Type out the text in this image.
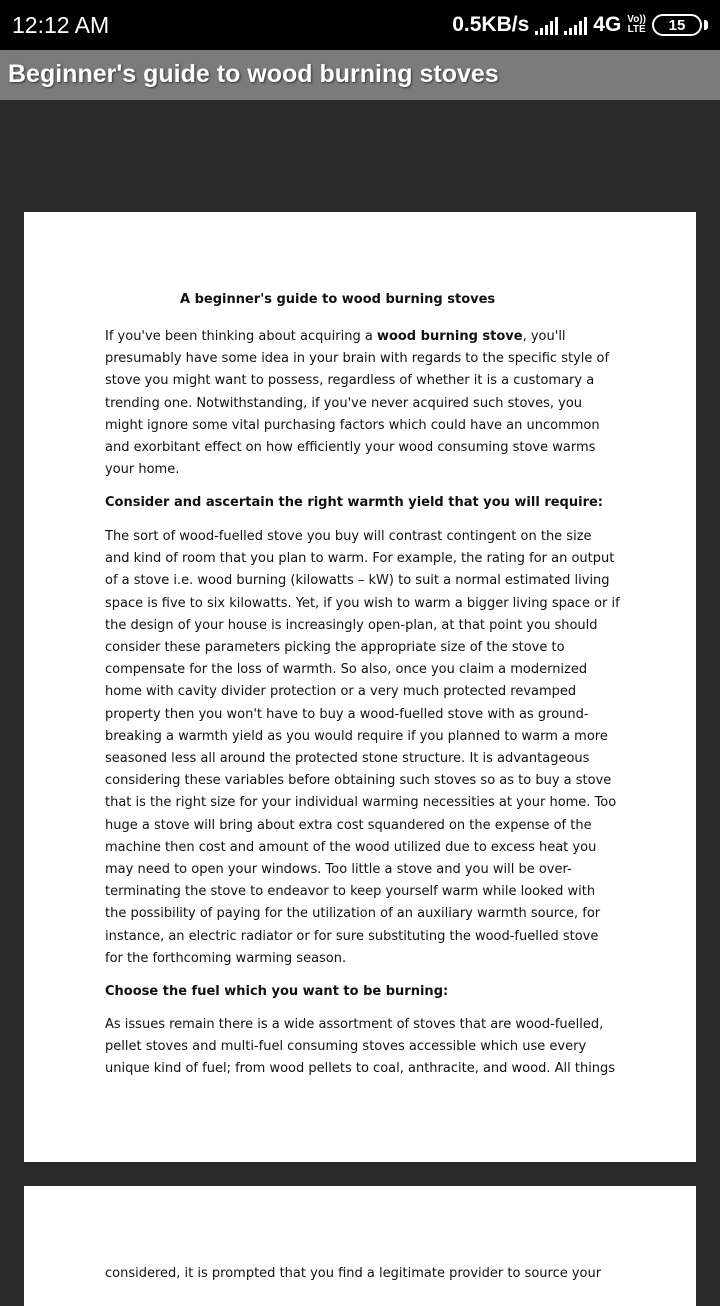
12:12 AM	0.5KB/s	4G Vo))
LTE 15
Beginner's guide to wood burning stoves
A beginner's guide to wood burning stoves

If you've been thinking about acquiring a wood burning stove, you'll presumably have some idea in your brain with regards to the specific style of stove you might want to possess, regardless of whether it is a customary a trending one. Notwithstanding, if you've never acquired such stoves, you might ignore some vital purchasing factors which could have an uncommon and exorbitant effect on how efficiently your wood consuming stove warms your home.

Consider and ascertain the right warmth yield that you will require:

The sort of wood-fuelled stove you buy will contrast contingent on the size and kind of room that you plan to warm. For example, the rating for an output of a stove i.e. wood burning (kilowatts – kW) to suit a normal estimated living space is five to six kilowatts. Yet, if you wish to warm a bigger living space or if the design of your house is increasingly open-plan, at that point you should consider these parameters picking the appropriate size of the stove to compensate for the loss of warmth. So also, once you claim a modernized home with cavity divider protection or a very much protected revamped property then you won't have to buy a wood-fuelled stove with as ground-breaking a warmth yield as you would require if you planned to warm a more seasoned less all around the protected stone structure. It is advantageous considering these variables before obtaining such stoves so as to buy a stove that is the right size for your individual warming necessities at your home. Too huge a stove will bring about extra cost squandered on the expense of the machine then cost and amount of the wood utilized due to excess heat you may need to open your windows. Too little a stove and you will be over-terminating the stove to endeavor to keep yourself warm while looked with the possibility of paying for the utilization of an auxiliary warmth source, for instance, an electric radiator or for sure substituting the wood-fuelled stove for the forthcoming warming season.

Choose the fuel which you want to be burning:

As issues remain there is a wide assortment of stoves that are wood-fuelled, pellet stoves and multi-fuel consuming stoves accessible which use every unique kind of fuel; from wood pellets to coal, anthracite, and wood. All things

considered, it is prompted that you find a legitimate provider to source your
